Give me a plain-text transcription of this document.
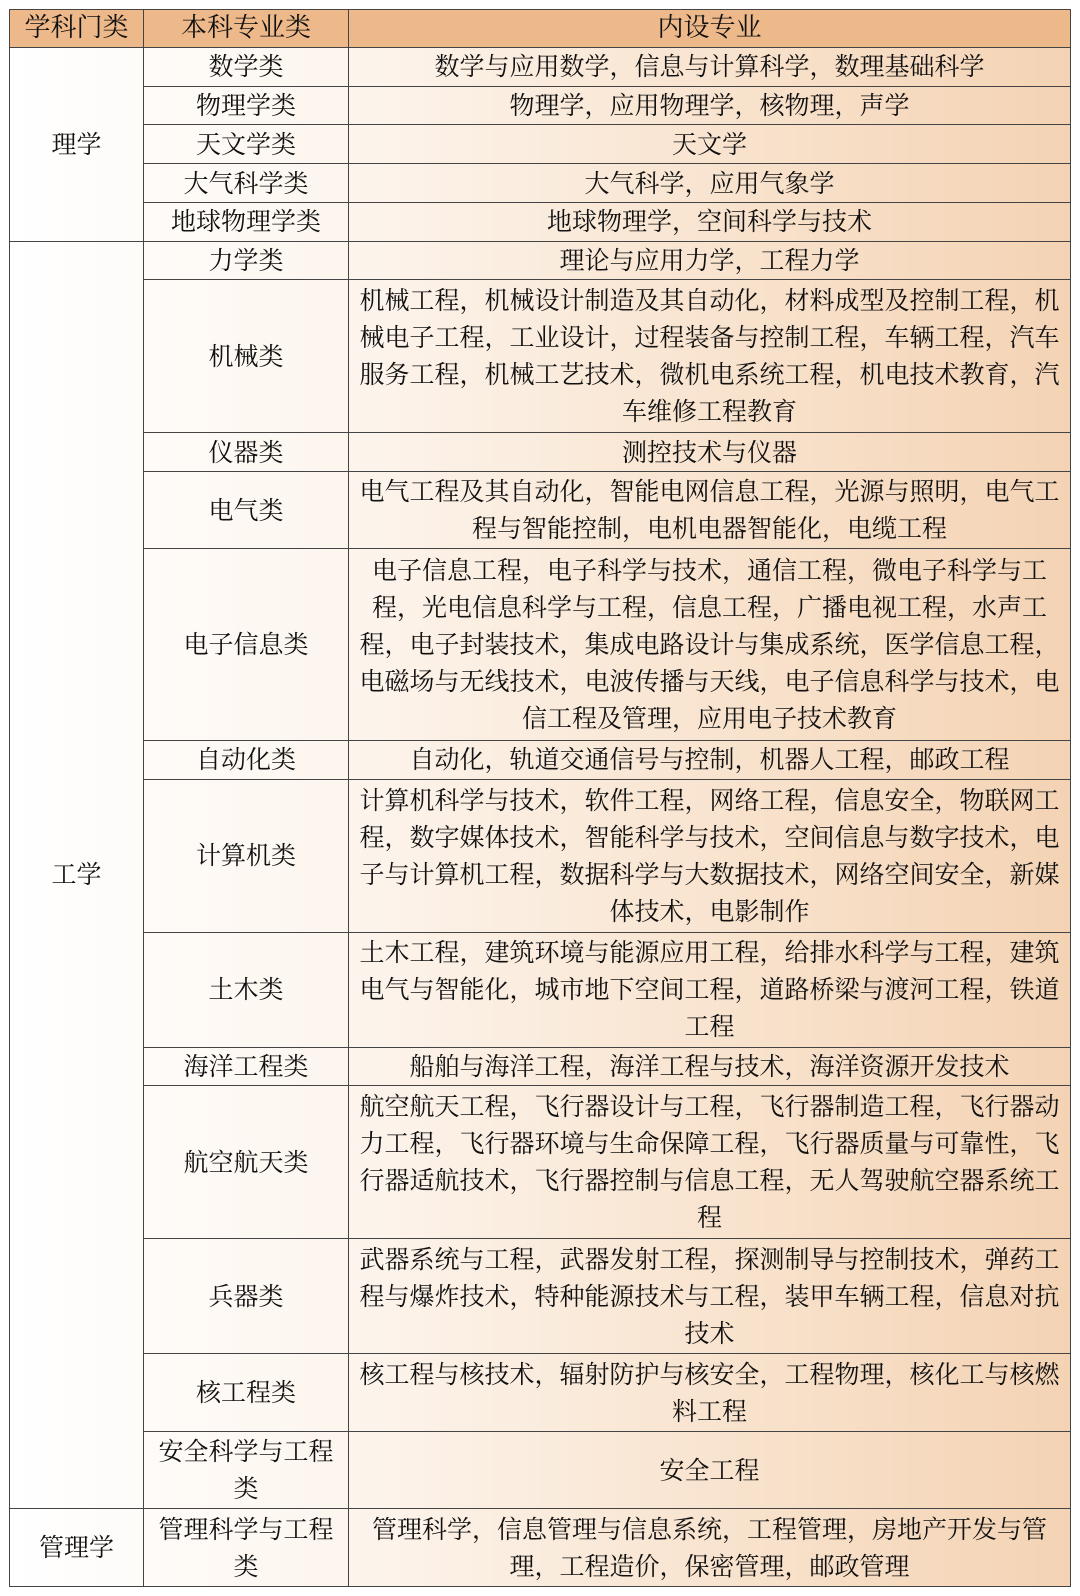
学科门类	本科专业类	内设专业
理学	数学类	数学与应用数学，信息与计算科学，数理基础科学
	物理学类	物理学，应用物理学，核物理，声学
	天文学类	天文学
	大气科学类	大气科学，应用气象学
	地球物理学类	地球物理学，空间科学与技术
工学	力学类	理论与应用力学，工程力学
	机械类	机械工程，机械设计制造及其自动化，材料成型及控制工程，机械电子工程，工业设计，过程装备与控制工程，车辆工程，汽车服务工程，机械工艺技术，微机电系统工程，机电技术教育，汽车维修工程教育
	仪器类	测控技术与仪器
	电气类	电气工程及其自动化，智能电网信息工程，光源与照明，电气工程与智能控制，电机电器智能化，电缆工程
	电子信息类	电子信息工程，电子科学与技术，通信工程，微电子科学与工程，光电信息科学与工程，信息工程，广播电视工程，水声工程，电子封装技术，集成电路设计与集成系统，医学信息工程，电磁场与无线技术，电波传播与天线，电子信息科学与技术，电信工程及管理，应用电子技术教育
	自动化类	自动化，轨道交通信号与控制，机器人工程，邮政工程
	计算机类	计算机科学与技术，软件工程，网络工程，信息安全，物联网工程，数字媒体技术，智能科学与技术，空间信息与数字技术，电子与计算机工程，数据科学与大数据技术，网络空间安全，新媒体技术，电影制作
	土木类	土木工程，建筑环境与能源应用工程，给排水科学与工程，建筑电气与智能化，城市地下空间工程，道路桥梁与渡河工程，铁道工程
	海洋工程类	船舶与海洋工程，海洋工程与技术，海洋资源开发技术
	航空航天类	航空航天工程，飞行器设计与工程，飞行器制造工程，飞行器动力工程，飞行器环境与生命保障工程，飞行器质量与可靠性，飞行器适航技术，飞行器控制与信息工程，无人驾驶航空器系统工程
	兵器类	武器系统与工程，武器发射工程，探测制导与控制技术，弹药工程与爆炸技术，特种能源技术与工程，装甲车辆工程，信息对抗技术
	核工程类	核工程与核技术，辐射防护与核安全，工程物理，核化工与核燃料工程
	安全科学与工程类	安全工程
管理学	管理科学与工程类	管理科学，信息管理与信息系统，工程管理，房地产开发与管理，工程造价，保密管理，邮政管理
